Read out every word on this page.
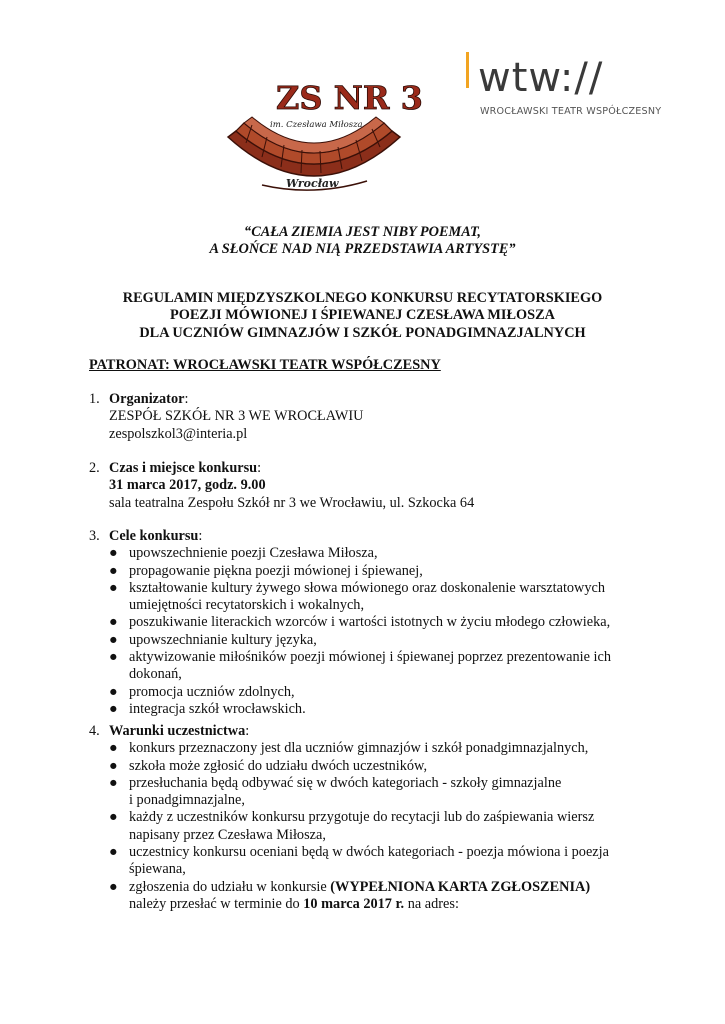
ZS NR 3
im. Czesława Miłosza
Wrocław
wtw://
WROCŁAWSKI TEATR WSPÓŁCZESNY
“CAŁA ZIEMIA JEST NIBY POEMAT,
A SŁOŃCE NAD NIĄ PRZEDSTAWIA ARTYSTĘ”
REGULAMIN MIĘDZYSZKOLNEGO KONKURSU RECYTATORSKIEGO
POEZJI MÓWIONEJ I ŚPIEWANEJ CZESŁAWA MIŁOSZA
DLA UCZNIÓW GIMNAZJÓW I SZKÓŁ PONADGIMNAZJALNYCH
PATRONAT: WROCŁAWSKI TEATR WSPÓŁCZESNY
1. Organizator:
ZESPÓŁ SZKÓŁ NR 3 WE WROCŁAWIU
zespolszkol3@interia.pl
2. Czas i miejsce konkursu:
31 marca 2017, godz. 9.00
sala teatralna Zespołu Szkół nr 3 we Wrocławiu, ul. Szkocka 64
3. Cele konkursu:
● upowszechnienie poezji Czesława Miłosza,
● propagowanie piękna poezji mówionej i śpiewanej,
● kształtowanie kultury żywego słowa mówionego oraz doskonalenie warsztatowych
umiejętności recytatorskich i wokalnych,
● poszukiwanie literackich wzorców i wartości istotnych w życiu młodego człowieka,
● upowszechnianie kultury języka,
● aktywizowanie miłośników poezji mówionej i śpiewanej poprzez prezentowanie ich
dokonań,
● promocja uczniów zdolnych,
● integracja szkół wrocławskich.
4. Warunki uczestnictwa:
● konkurs przeznaczony jest dla uczniów gimnazjów i szkół ponadgimnazjalnych,
● szkoła może zgłosić do udziału dwóch uczestników,
● przesłuchania będą odbywać się w dwóch kategoriach - szkoły gimnazjalne
i ponadgimnazjalne,
● każdy z uczestników konkursu przygotuje do recytacji lub do zaśpiewania wiersz
napisany przez Czesława Miłosza,
● uczestnicy konkursu oceniani będą w dwóch kategoriach - poezja mówiona i poezja
śpiewana,
● zgłoszenia do udziału w konkursie (WYPEŁNIONA KARTA ZGŁOSZENIA)
należy przesłać w terminie do 10 marca 2017 r. na adres:
